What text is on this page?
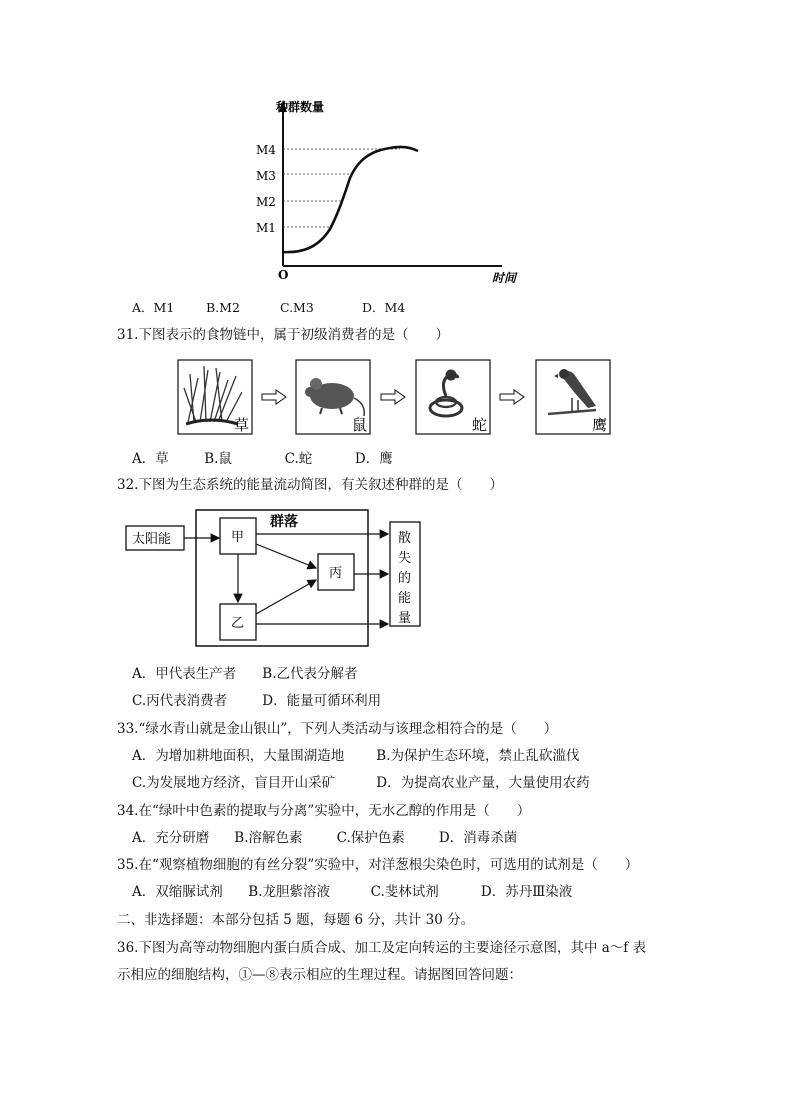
种群数量
M4
M3
M2
M1
O	时间
A．M1	B.M2	C.M3	D．M4
31.下图表示的食物链中，属于初级消费者的是（　　）
草	鼠	蛇	鹰
A．草	B.鼠	C.蛇	D．鹰
32.下图为生态系统的能量流动简图，有关叙述种群的是（　　）
太阳能
群落
甲
乙
丙
散
失
的
能
量
A．甲代表生产者 B.乙代表分解者
C.丙代表消费者	D．能量可循环利用
33.“绿水青山就是金山银山”，下列人类活动与该理念相符合的是（　　）
A．为增加耕地面积，大量围湖造地 B.为保护生态环境，禁止乱砍滥伐
C.为发展地方经济，盲目开山采矿	D．为提高农业产量，大量使用农药
34.在“绿叶中色素的提取与分离”实验中，无水乙醇的作用是（　　）
A．充分研磨 B.溶解色素	C.保护色素	D．消毒杀菌
35.在“观察植物细胞的有丝分裂”实验中，对洋葱根尖染色时，可选用的试剂是（　　）
A．双缩脲试剂 B.龙胆紫溶液	C.斐林试剂	D．苏丹Ⅲ染液
二、非选择题：本部分包括 5 题，每题 6 分，共计 30 分。
36.下图为高等动物细胞内蛋白质合成、加工及定向转运的主要途径示意图，其中 a～f 表
示相应的细胞结构，①—⑧表示相应的生理过程。请据图回答问题：
